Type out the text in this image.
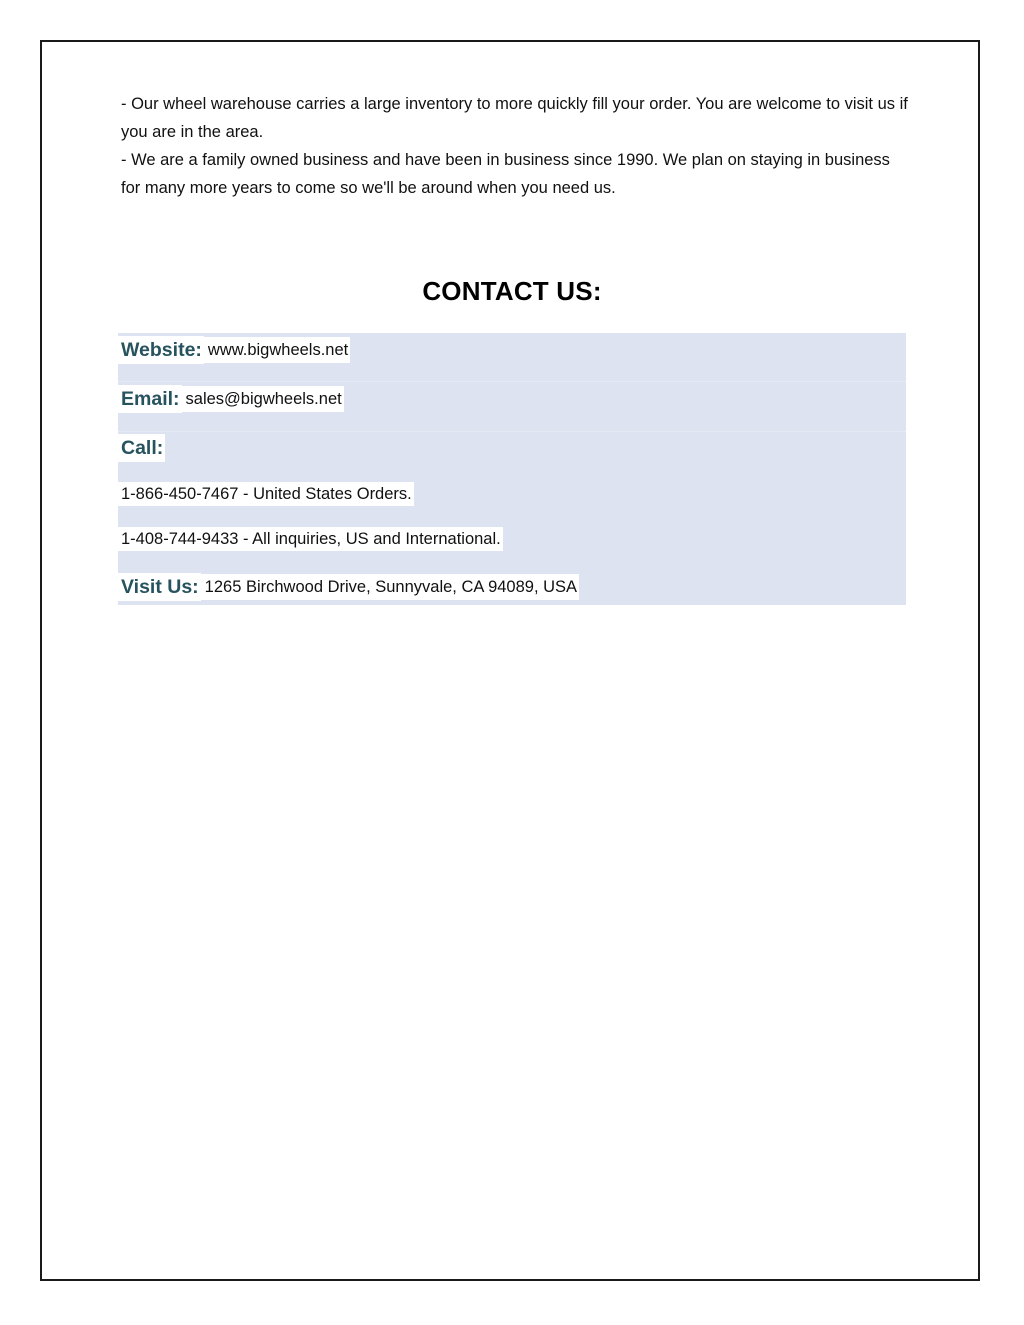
- Our wheel warehouse carries a large inventory to more quickly fill your order. You are welcome to visit us if you are in the area.

- We are a family owned business and have been in business since 1990. We plan on staying in business for many more years to come so we'll be around when you need us.

CONTACT US:
Website: www.bigwheels.net
Email: sales@bigwheels.net
Call:
1-866-450-7467 - United States Orders.
1-408-744-9433 - All inquiries, US and International.
Visit Us: 1265 Birchwood Drive, Sunnyvale, CA 94089, USA
